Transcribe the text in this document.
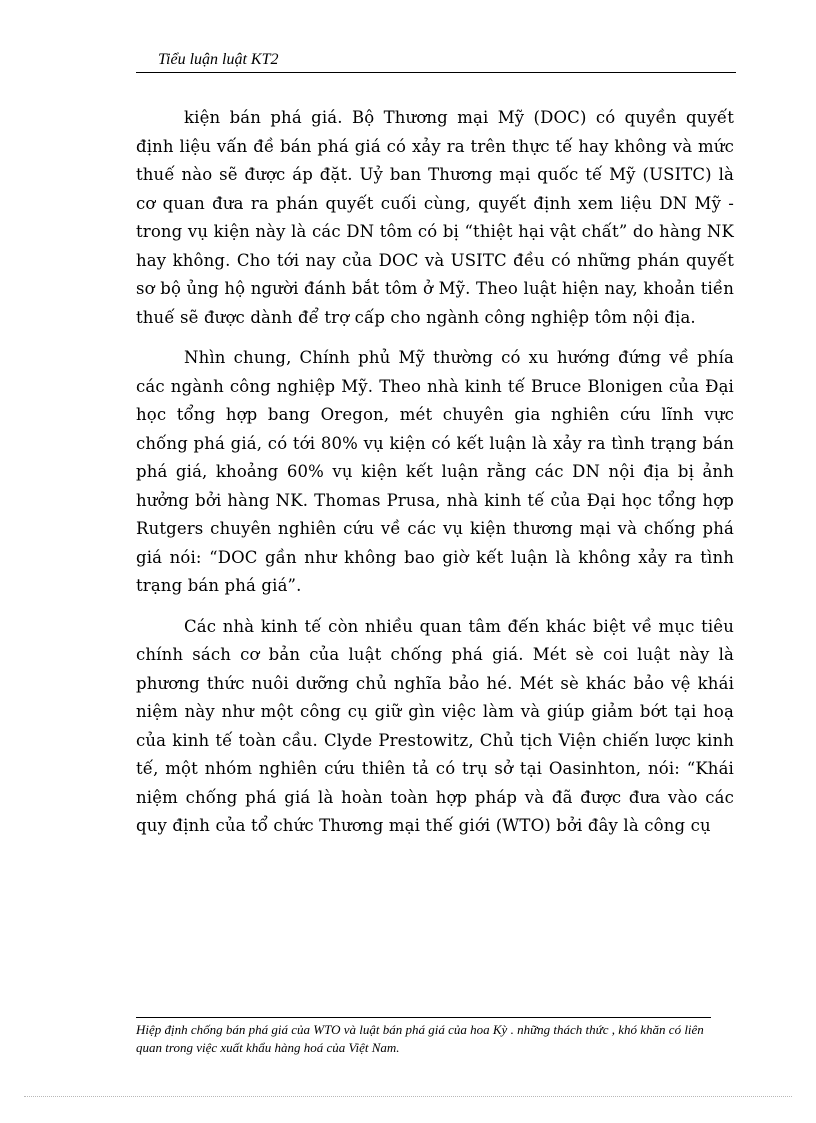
Tiểu luận luật KT2

kiện bán phá giá. Bộ Thương mại Mỹ (DOC) có quyền quyết định liệu vấn đề bán phá giá có xảy ra trên thực tế hay không và mức thuế nào sẽ được áp đặt. Uỷ ban Thương mại quốc tế Mỹ (USITC) là cơ quan đưa ra phán quyết cuối cùng, quyết định xem liệu DN Mỹ - trong vụ kiện này là các DN tôm có bị “thiệt hại vật chất” do hàng NK hay không. Cho tới nay của DOC và USITC đều có những phán quyết sơ bộ ủng hộ người đánh bắt tôm ở Mỹ. Theo luật hiện nay, khoản tiền thuế sẽ được dành để trợ cấp cho ngành công nghiệp tôm nội địa.

Nhìn chung, Chính phủ Mỹ thường có xu hướng đứng về phía các ngành công nghiệp Mỹ. Theo nhà kinh tế Bruce Blonigen của Đại học tổng hợp bang Oregon, mét chuyên gia nghiên cứu lĩnh vực chống phá giá, có tới 80% vụ kiện có kết luận là xảy ra tình trạng bán phá giá, khoảng 60% vụ kiện kết luận rằng các DN nội địa bị ảnh hưởng bởi hàng NK. Thomas Prusa, nhà kinh tế của Đại học tổng hợp Rutgers chuyên nghiên cứu về các vụ kiện thương mại và chống phá giá nói: “DOC gần như không bao giờ kết luận là không xảy ra tình trạng bán phá giá”.

Các nhà kinh tế còn nhiều quan tâm đến khác biệt về mục tiêu chính sách cơ bản của luật chống phá giá. Mét sè coi luật này là phương thức nuôi dưỡng chủ nghĩa bảo hé. Mét sè khác bảo vệ khái niệm này như một công cụ giữ gìn việc làm và giúp giảm bớt tại hoạ của kinh tế toàn cầu. Clyde Prestowitz, Chủ tịch Viện chiến lược kinh tế, một nhóm nghiên cứu thiên tả có trụ sở tại Oasinhton, nói: “Khái niệm chống phá giá là hoàn toàn hợp pháp và đã được đưa vào các quy định của tổ chức Thương mại thế giới (WTO) bởi đây là công cụ

Hiệp định chống bán phá giá của WTO và luật bán phá giá của hoa Kỳ . những thách thức , khó khăn có liên quan trong việc xuất khẩu hàng hoá của Việt Nam.
